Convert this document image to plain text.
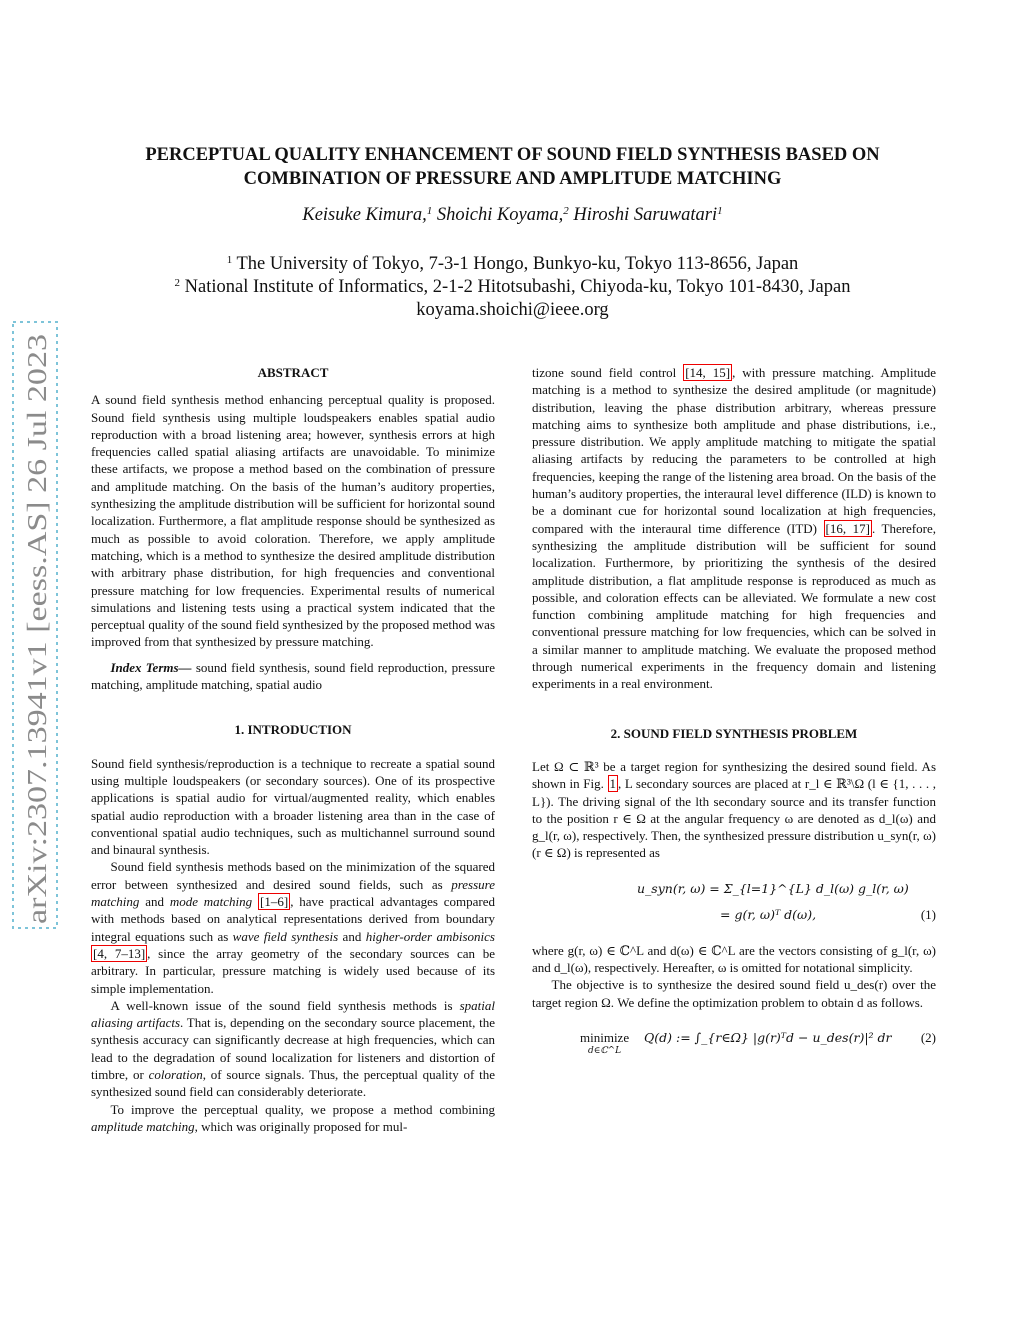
arXiv:2307.13941v1 [eess.AS] 26 Jul 2023
PERCEPTUAL QUALITY ENHANCEMENT OF SOUND FIELD SYNTHESIS BASED ON
COMBINATION OF PRESSURE AND AMPLITUDE MATCHING
Keisuke Kimura,$^1$ Shoichi Koyama,$^2$ Hiroshi Saruwatari$^1$
$^1$ The University of Tokyo, 7-3-1 Hongo, Bunkyo-ku, Tokyo 113-8656, Japan
$^2$ National Institute of Informatics, 2-1-2 Hitotsubashi, Chiyoda-ku, Tokyo 101-8430, Japan
koyama.shoichi@ieee.org
ABSTRACT

A sound field synthesis method enhancing perceptual quality is proposed. Sound field synthesis using multiple loudspeakers enables spatial audio reproduction with a broad listening area; however, synthesis errors at high frequencies called spatial aliasing artifacts are unavoidable. To minimize these artifacts, we propose a method based on the combination of pressure and amplitude matching. On the basis of the human’s auditory properties, synthesizing the amplitude distribution will be sufficient for horizontal sound localization. Furthermore, a flat amplitude response should be synthesized as much as possible to avoid coloration. Therefore, we apply amplitude matching, which is a method to synthesize the desired amplitude distribution with arbitrary phase distribution, for high frequencies and conventional pressure matching for low frequencies. Experimental results of numerical simulations and listening tests using a practical system indicated that the perceptual quality of the sound field synthesized by the proposed method was improved from that synthesized by pressure matching.

Index Terms— sound field synthesis, sound field reproduction, pressure matching, amplitude matching, spatial audio

1. INTRODUCTION

Sound field synthesis/reproduction is a technique to recreate a spatial sound using multiple loudspeakers (or secondary sources). One of its prospective applications is spatial audio for virtual/augmented reality, which enables spatial audio reproduction with a broader listening area than in the case of conventional spatial audio techniques, such as multichannel surround sound and binaural synthesis.

Sound field synthesis methods based on the minimization of the squared error between synthesized and desired sound fields, such as pressure matching and mode matching [1–6] , have practical advantages compared with methods based on analytical representations derived from boundary integral equations such as wave field synthesis and higher-order ambisonics [4, 7–13] , since the array geometry of the secondary sources can be arbitrary. In particular, pressure matching is widely used because of its simple implementation.

A well-known issue of the sound field synthesis methods is spatial aliasing artifacts. That is, depending on the secondary source placement, the synthesis accuracy can significantly decrease at high frequencies, which can lead to the degradation of sound localization for listeners and distortion of timbre, or coloration, of source signals. Thus, the perceptual quality of the synthesized sound field can considerably deteriorate.

To improve the perceptual quality, we propose a method combining amplitude matching, which was originally proposed for mul-

tizone sound field control [14, 15] , with pressure matching. Amplitude matching is a method to synthesize the desired amplitude (or magnitude) distribution, leaving the phase distribution arbitrary, whereas pressure matching aims to synthesize both amplitude and phase distributions, i.e., pressure distribution. We apply amplitude matching to mitigate the spatial aliasing artifacts by reducing the parameters to be controlled at high frequencies, keeping the range of the listening area broad. On the basis of the human’s auditory properties, the interaural level difference (ILD) is known to be a dominant cue for horizontal sound localization at high frequencies, compared with the interaural time difference (ITD) [16, 17] . Therefore, synthesizing the amplitude distribution will be sufficient for sound localization. Furthermore, by prioritizing the synthesis of the desired amplitude distribution, a flat amplitude response is reproduced as much as possible, and coloration effects can be alleviated. We formulate a new cost function combining amplitude matching for high frequencies and conventional pressure matching for low frequencies, which can be solved in a similar manner to amplitude matching. We evaluate the proposed method through numerical experiments in the frequency domain and listening experiments in a real environment.

2. SOUND FIELD SYNTHESIS PROBLEM

Let Ω ⊂ ℝ³ be a target region for synthesizing the desired sound field. As shown in Fig. 1 , L secondary sources are placed at r_l ∈ ℝ³\Ω (l ∈ {1, . . . , L}). The driving signal of the lth secondary source and its transfer function to the position r ∈ Ω at the angular frequency ω are denoted as d_l(ω) and g_l(r, ω), respectively. Then, the synthesized pressure distribution u_syn(r, ω) (r ∈ Ω) is represented as

u_syn(r, ω) = Σ_{l=1}^{L} d_l(ω) g_l(r, ω)
= g(r, ω)ᵀ d(ω),	(1)

where g(r, ω) ∈ ℂ^L and d(ω) ∈ ℂ^L are the vectors consisting of g_l(r, ω) and d_l(ω), respectively. Hereafter, ω is omitted for notational simplicity.

The objective is to synthesize the desired sound field u_des(r) over the target region Ω. We define the optimization problem to obtain d as follows.

minimize
d∈ℂ^L
Q(d) := ∫_{r∈Ω} |g(r)ᵀd − u_des(r)|² dr (2)
